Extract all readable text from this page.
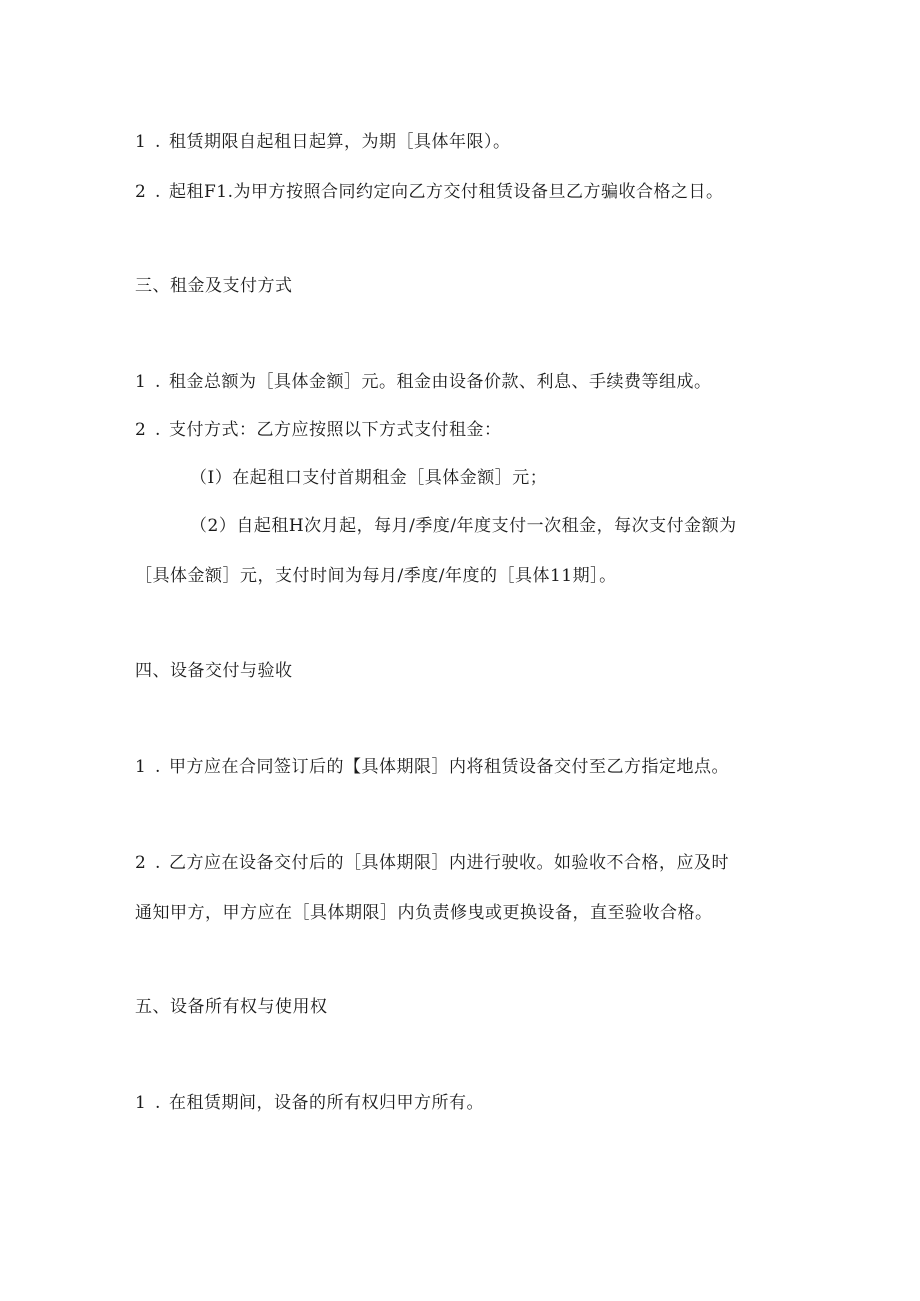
1 . 租赁期限自起租日起算，为期［具体年限）。
2 . 起租F1.为甲方按照合同约定向乙方交付租赁设备旦乙方骗收合格之日。
三、租金及支付方式
1 . 租金总额为［具体金额］元。租金由设备价款、利息、手续费等组成。
2 . 支付方式：乙方应按照以下方式支付租金：
（I）在起租口支付首期租金［具体金额］元；
（2）自起租H次月起，每月/季度/年度支付一次租金，每次支付金额为
［具体金额］元，支付时间为每月/季度/年度的［具体11期］。
四、设备交付与验收
1 . 甲方应在合同签订后的【具体期限］内将租赁设备交付至乙方指定地点。
2 . 乙方应在设备交付后的［具体期限］内进行驶收。如验收不合格，应及时
通知甲方，甲方应在［具体期限］内负责修曳或更换设备，直至验收合格。
五、设备所有权与使用权
1 . 在租赁期间，设备的所有权归甲方所有。
